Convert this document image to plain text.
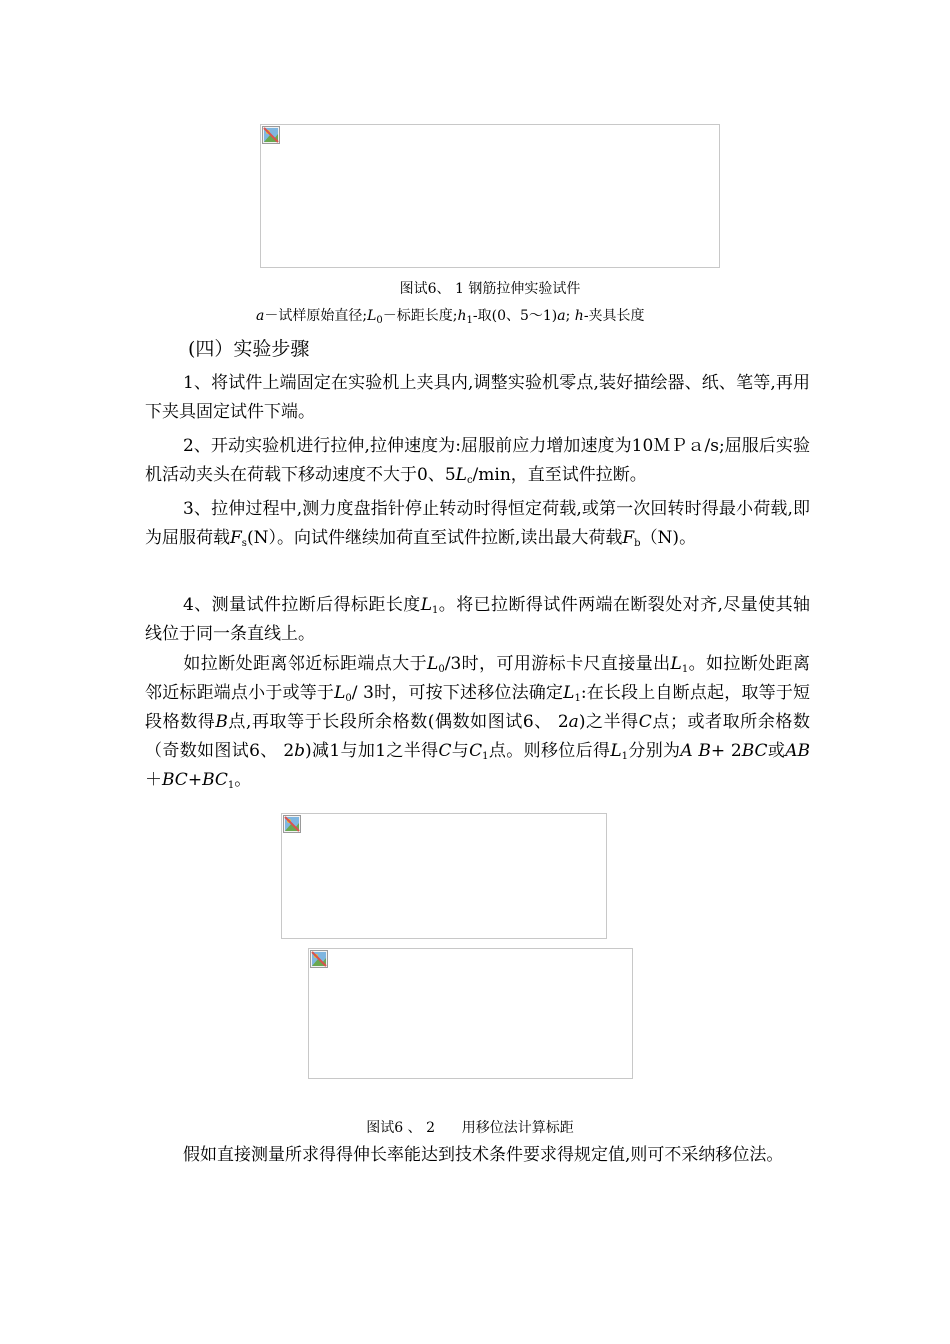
图试6、 1 钢筋拉伸实验试件
a－试样原始直径$;L_0-$标距长度$;h_1-$取(0、5～1)a; h-夹具长度
(四）实验步骤
1、将试件上端固定在实验机上夹具内,调整实验机零点,装好描绘器、纸、笔等,再用下夹具固定试件下端。
2、开动实验机进行拉伸,拉伸速度为:屈服前应力增加速度为10ＭＰａ/s;屈服后实验机活动夹头在荷载下移动速度不大于0、$5L_c/\min$，直至试件拉断。
3、拉伸过程中,测力度盘指针停止转动时得恒定荷载,或第一次回转时得最小荷载,即为屈服荷载$F_s(N)$。向试件继续加荷直至试件拉断,读出最大荷载$F_b(N)$。
4、测量试件拉断后得标距长度$L_1$。将已拉断得试件两端在断裂处对齐,尽量使其轴线位于同一条直线上。
如拉断处距离邻近标距端点大于$L_0/3$时，可用游标卡尺直接量出$L_1$。如拉断处距离邻近标距端点小于或等于$L_0/$ 3时，可按下述移位法确定$L_1$:在长段上自断点起，取等于短段格数得B点,再取等于长段所余格数(偶数如图试6、 2a)之半得C点；或者取所余格数（奇数如图试6、 2b)减1与加1之半得C与$C_1$点。则移位后得$L_1$分别为A B+ 2BC或$AB+BC+BC_1$。
图试6 、 2      用移位法计算标距
假如直接测量所求得得伸长率能达到技术条件要求得规定值,则可不采纳移位法。
